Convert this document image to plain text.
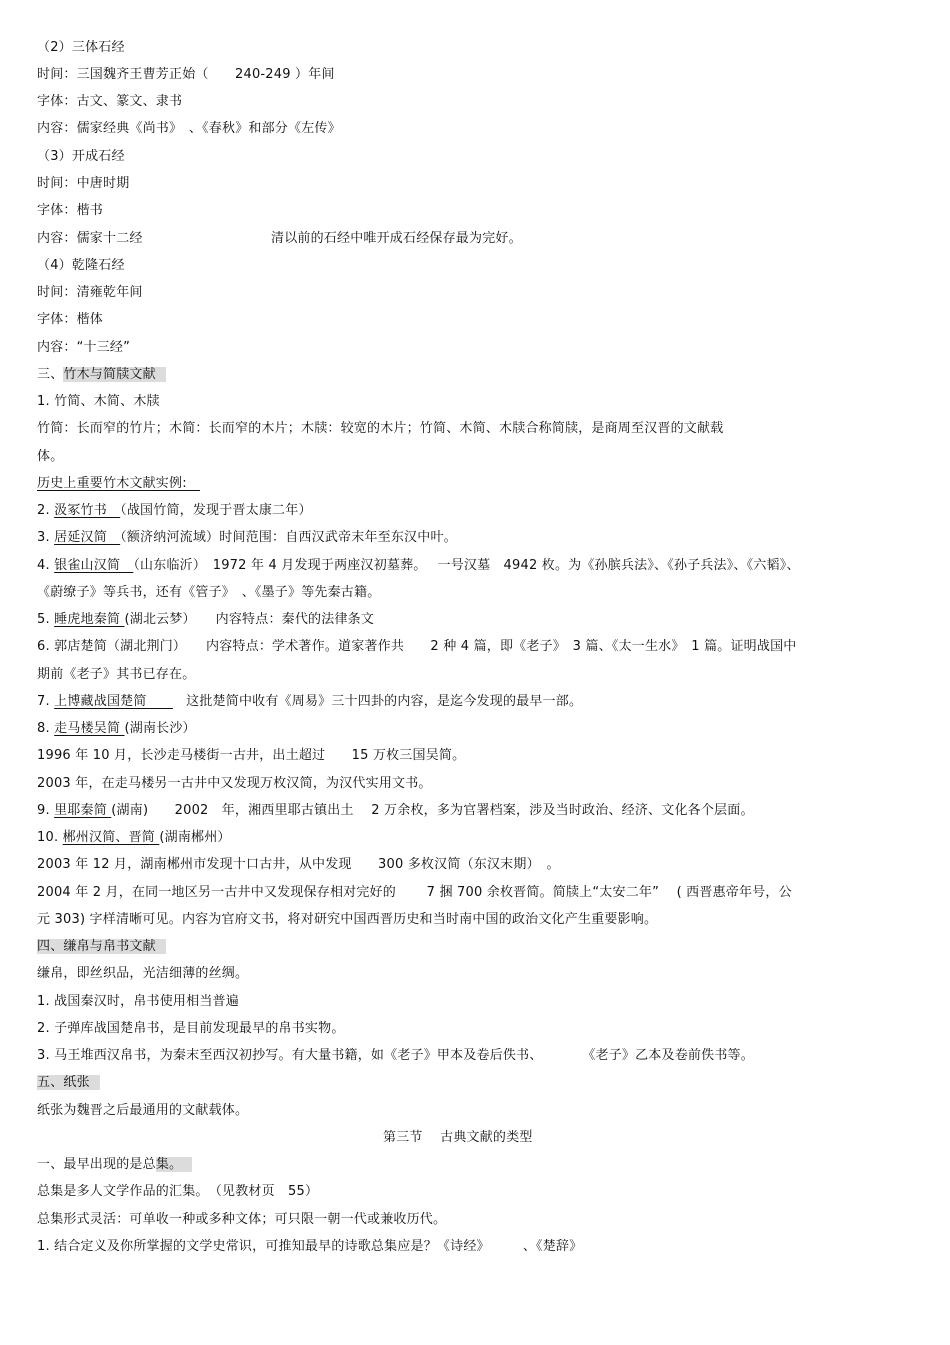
（2）三体石经
时间：三国魏齐王曹芳正始（　　240-249 ）年间
字体：古文、篆文、隶书
内容：儒家经典《尚书》　、《春秋》和部分《左传》
（3）开成石经
时间：中唐时期
字体：楷书
内容：儒家十二经	清以前的石经中唯开成石经保存最为完好。
（4）乾隆石经
时间：清雍乾年间
字体：楷体
内容：“十三经”
三、竹木与简牍文献
1. 竹简、木简、木牍
竹简：长而窄的竹片；木简：长而窄的木片；木牍：较宽的木片；竹简、木简、木牍合称简牍，是商周至汉晋的文献载
体。
历史上重要竹木文献实例:　
2. 汲冢竹书　（战国竹简，发现于晋太康二年）
3. 居延汉简　（额济纳河流域）时间范围：自西汉武帝末年至东汉中叶。
4. 银雀山汉简　（山东临沂）　1972 年 4 月发现于两座汉初墓葬。　 一号汉墓　4942 枚。为《孙膑兵法》、《孙子兵法》、《六韬》、
《蔚缭子》等兵书，还有《管子》　、《墨子》等先秦古籍。
5. 睡虎地秦简 (湖北云梦）　　内容特点：秦代的法律条文
6. 郭店楚简（湖北荆门）　　内容特点：学术著作。道家著作共　　2 种 4 篇，即《老子》　3 篇、《太一生水》　1 篇。证明战国中
期前《老子》其书已存在。
7. 上博藏战国楚简　　　这批楚简中收有《周易》三十四卦的内容，是迄今发现的最早一部。
8. 走马楼吴简 (湖南长沙）
1996 年 10 月，长沙走马楼街一古井，出土超过　　15 万枚三国吴简。
2003 年，在走马楼另一古井中又发现万枚汉简，为汉代实用文书。
9. 里耶秦简 (湖南)　　2002　年，湘西里耶古镇出土　 2 万余枚，多为官署档案，涉及当时政治、经济、文化各个层面。
10. 郴州汉简、晋简 (湖南郴州）
2003 年 12 月，湖南郴州市发现十口古井，从中发现　　300 多枚汉简（东汉末期）　。
2004 年 2 月，在同一地区另一古井中又发现保存相对完好的　　 7 捆 700 余枚晋简。简牍上“太安二年”　 ( 西晋惠帝年号，公
元 303) 字样清晰可见。内容为官府文书，将对研究中国西晋历史和当时南中国的政治文化产生重要影响。
四、缣帛与帛书文献
缣帛，即丝织品，光洁细薄的丝绸。
1. 战国秦汉时，帛书使用相当普遍
2. 子弹库战国楚帛书，是目前发现最早的帛书实物。
3. 马王堆西汉帛书，为秦末至西汉初抄写。有大量书籍，如《老子》甲本及卷后佚书、　　　　《老子》乙本及卷前佚书等。
五、纸张
纸张为魏晋之后最通用的文献载体。
第三节　 古典文献的类型
一、最早出现的是总集。
总集是多人文学作品的汇集。　（见教材页　55）
总集形式灵活：可单收一种或多种文体；可只限一朝一代或兼收历代。
1. 结合定义及你所掌握的文学史常识，可推知最早的诗歌总集应是？《诗经》　　　、《楚辞》
